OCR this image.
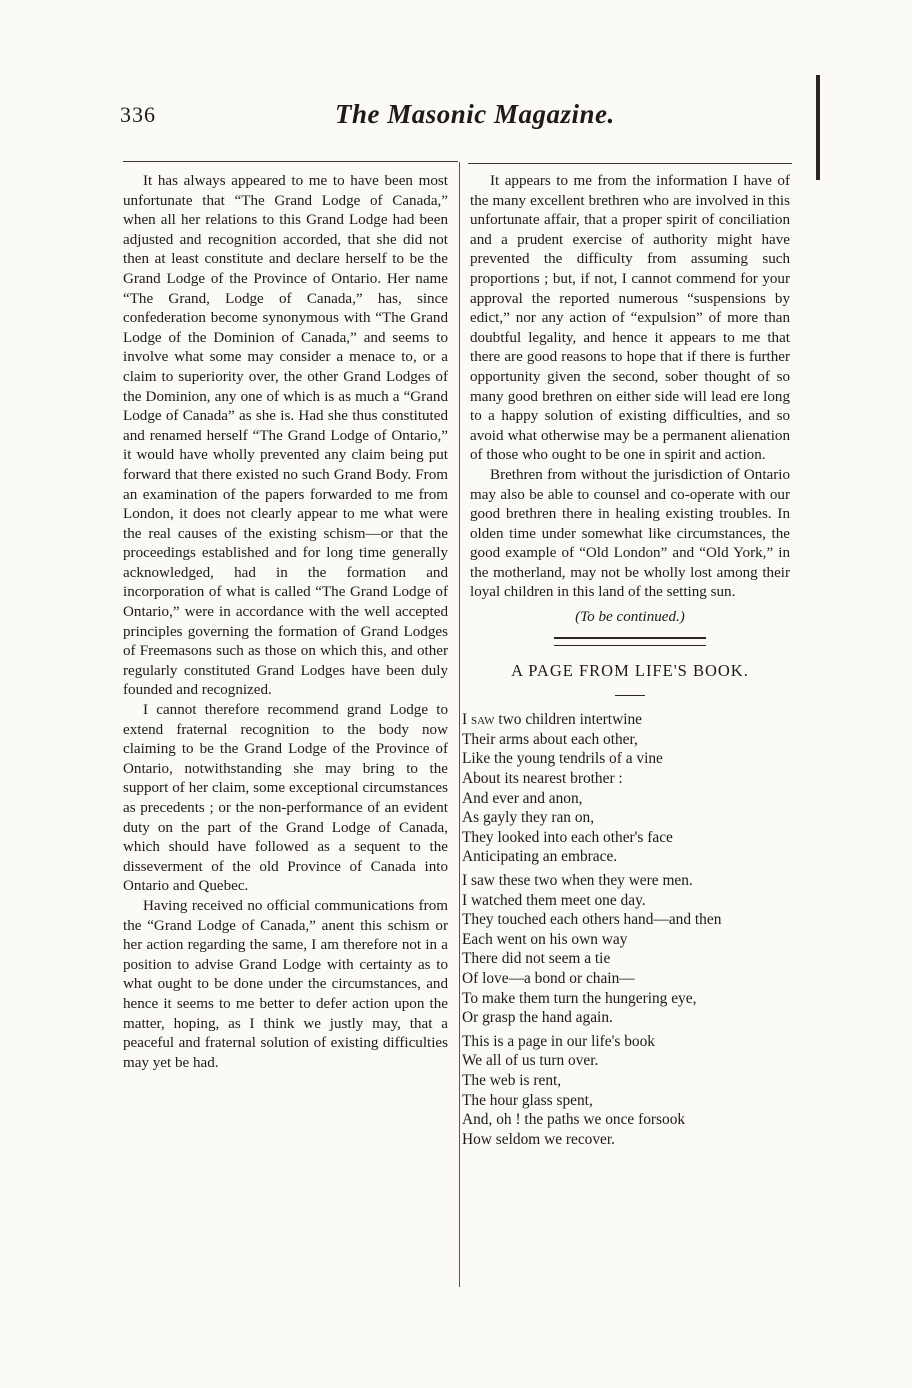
336	The Masonic Magazine.

It has always appeared to me to have been most unfortunate that “The Grand Lodge of Canada,” when all her relations to this Grand Lodge had been adjusted and recognition accorded, that she did not then at least constitute and declare herself to be the Grand Lodge of the Province of Ontario. Her name “The Grand, Lodge of Canada,” has, since confederation become synonymous with “The Grand Lodge of the Dominion of Canada,” and seems to involve what some may consider a menace to, or a claim to superiority over, the other Grand Lodges of the Dominion, any one of which is as much a “Grand Lodge of Canada” as she is. Had she thus constituted and renamed herself “The Grand Lodge of Ontario,” it would have wholly prevented any claim being put forward that there existed no such Grand Body. From an examination of the papers forwarded to me from London, it does not clearly appear to me what were the real causes of the existing schism—or that the proceedings established and for long time generally acknowledged, had in the formation and incorporation of what is called “The Grand Lodge of Ontario,” were in accordance with the well accepted principles governing the formation of Grand Lodges of Freemasons such as those on which this, and other regularly constituted Grand Lodges have been duly founded and recognized.

I cannot therefore recommend grand Lodge to extend fraternal recognition to the body now claiming to be the Grand Lodge of the Province of Ontario, notwithstanding she may bring to the support of her claim, some exceptional circumstances as precedents ; or the non-performance of an evident duty on the part of the Grand Lodge of Canada, which should have followed as a sequent to the disseverment of the old Province of Canada into Ontario and Quebec.

Having received no official communications from the “Grand Lodge of Canada,” anent this schism or her action regarding the same, I am therefore not in a position to advise Grand Lodge with certainty as to what ought to be done under the circumstances, and hence it seems to me better to defer action upon the matter, hoping, as I think we justly may, that a peaceful and fraternal solution of existing difficulties may yet be had.

It appears to me from the information I have of the many excellent brethren who are involved in this unfortunate affair, that a proper spirit of conciliation and a prudent exercise of authority might have prevented the difficulty from assuming such proportions ; but, if not, I cannot commend for your approval the reported numerous “suspensions by edict,” nor any action of “expulsion” of more than doubtful legality, and hence it appears to me that there are good reasons to hope that if there is further opportunity given the second, sober thought of so many good brethren on either side will lead ere long to a happy solution of existing difficulties, and so avoid what otherwise may be a permanent alienation of those who ought to be one in spirit and action.

Brethren from without the jurisdiction of Ontario may also be able to counsel and co-operate with our good brethren there in healing existing troubles. In olden time under somewhat like circumstances, the good example of “Old London” and “Old York,” in the motherland, may not be wholly lost among their loyal children in this land of the setting sun.

(To be continued.)
A PAGE FROM LIFE'S BOOK.
I saw two children intertwine
Their arms about each other,
Like the young tendrils of a vine
About its nearest brother :
And ever and anon,
As gayly they ran on,
They looked into each other's face
Anticipating an embrace.
I saw these two when they were men.
I watched them meet one day.
They touched each others hand—and then
Each went on his own way
There did not seem a tie
Of love—a bond or chain—
To make them turn the hungering eye,
Or grasp the hand again.
This is a page in our life's book
We all of us turn over.
The web is rent,
The hour glass spent,
And, oh ! the paths we once forsook
How seldom we recover.
